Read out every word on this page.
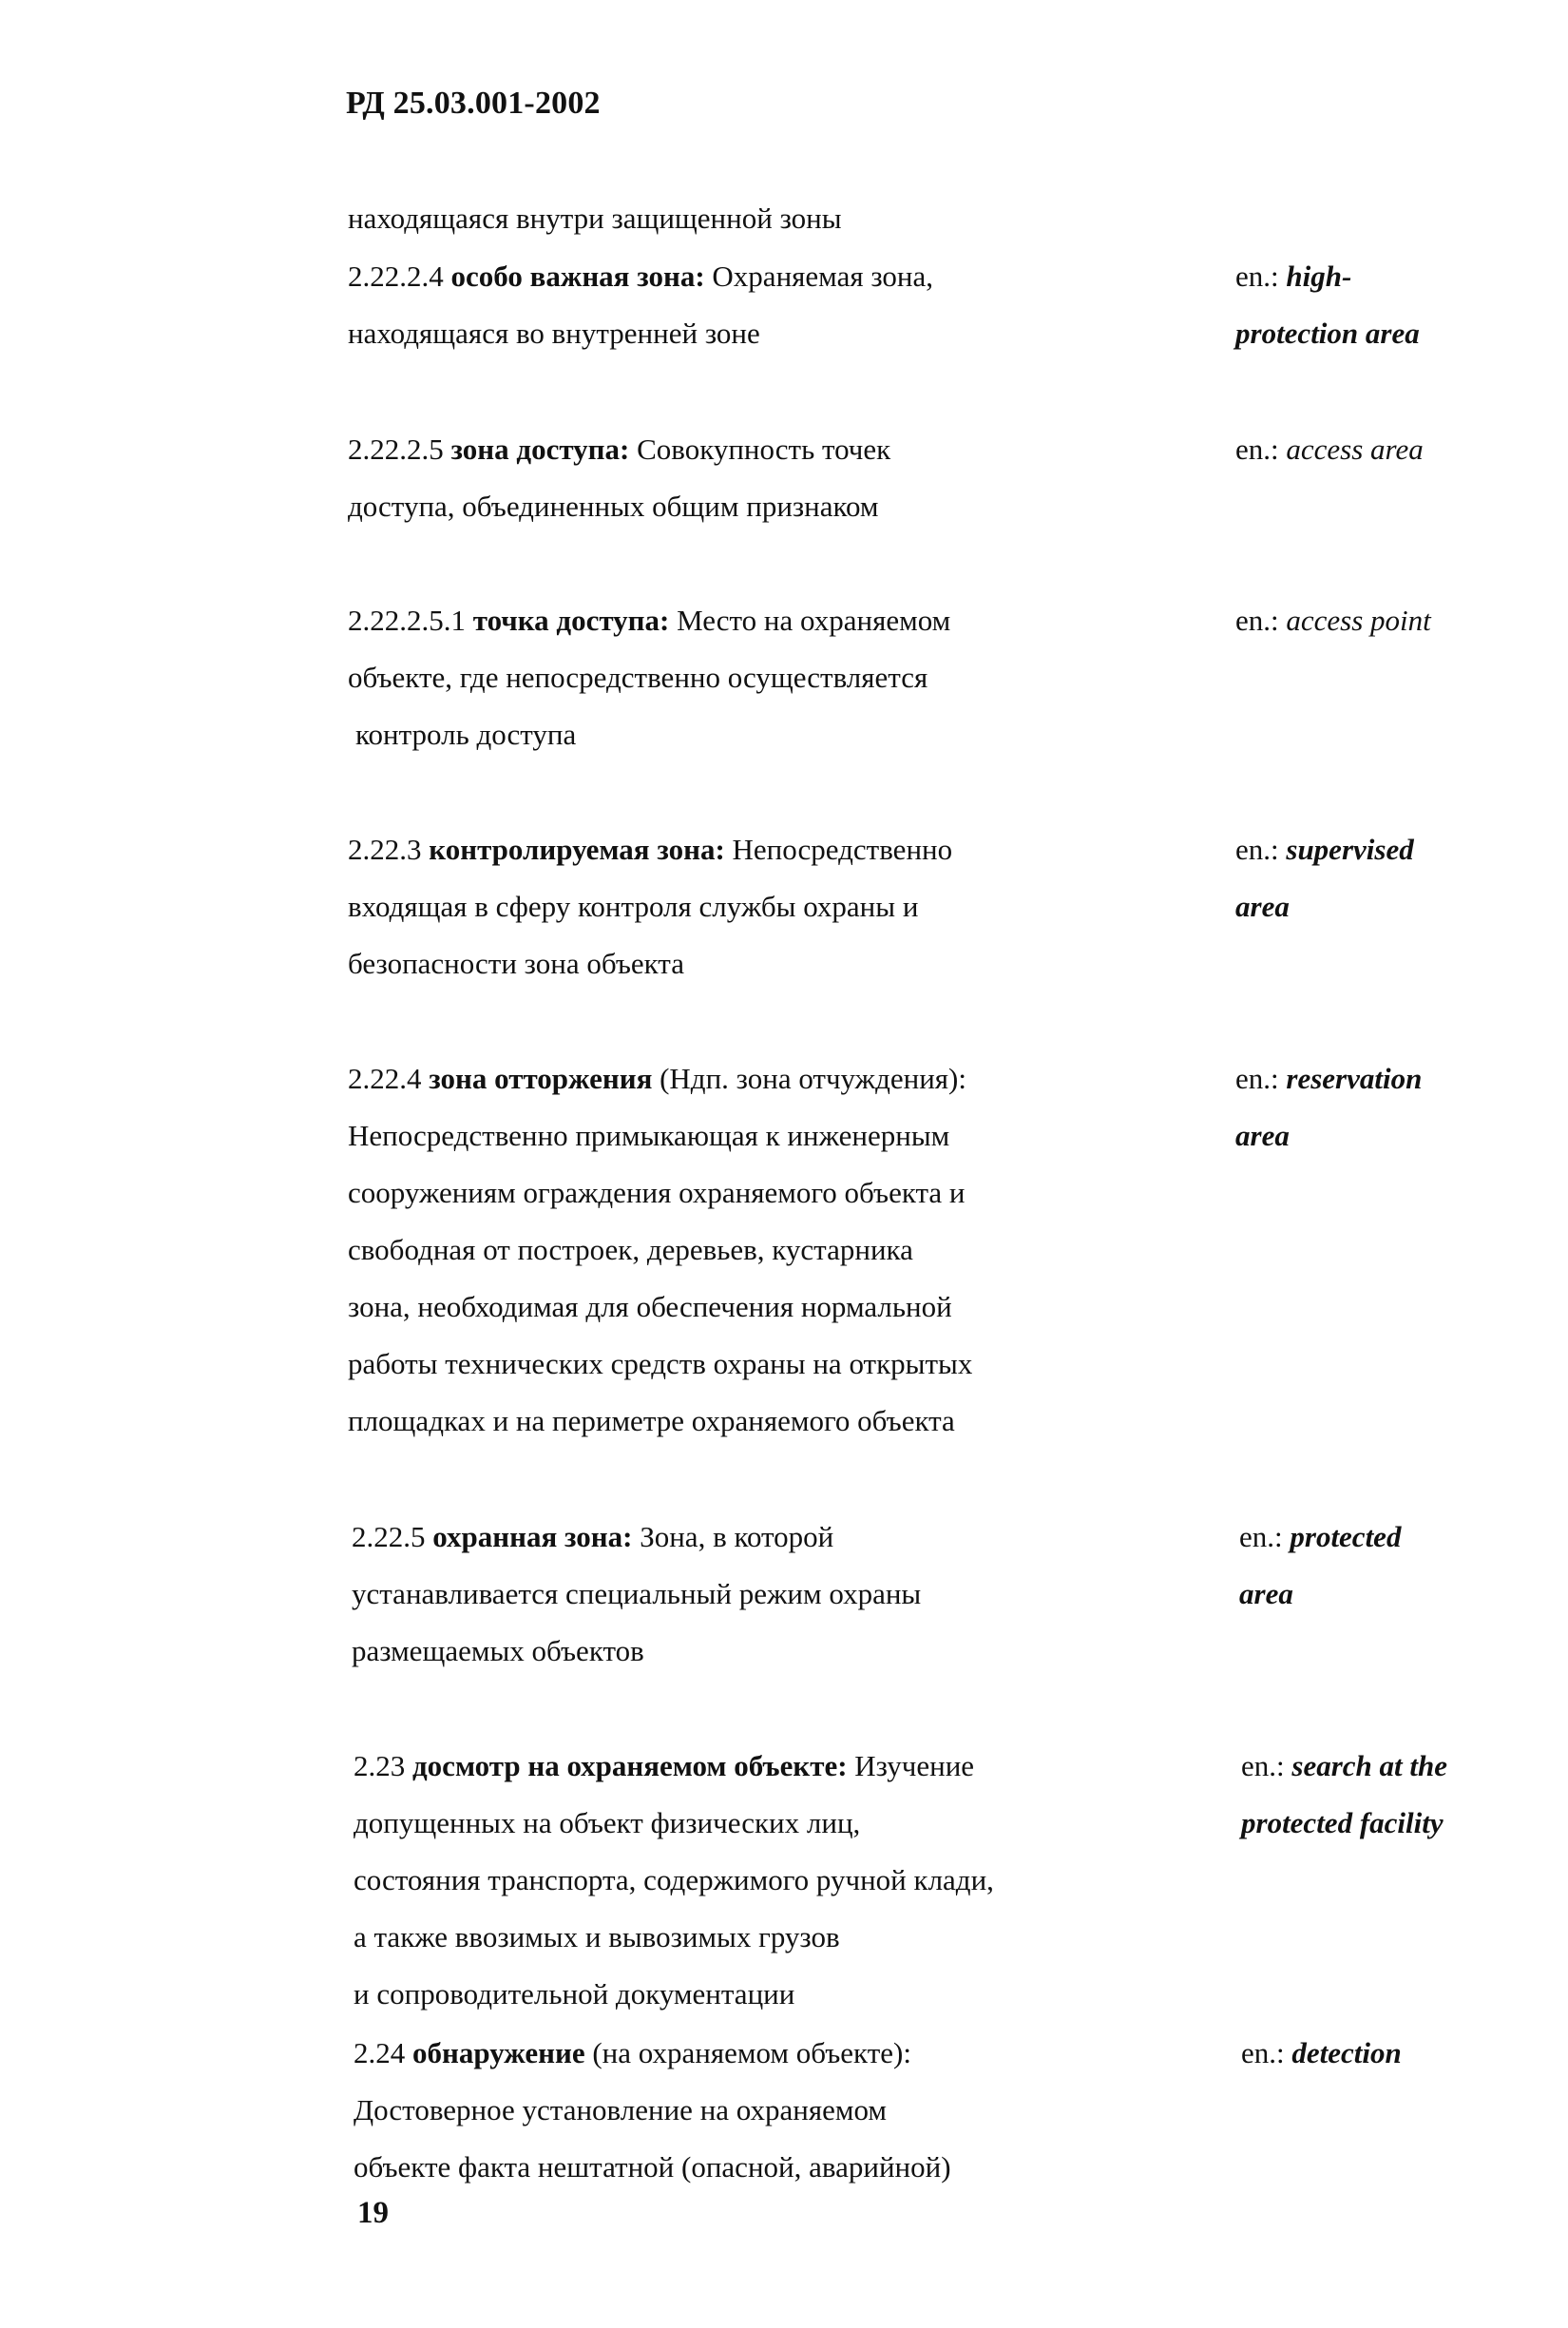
РД 25.03.001-2002
находящаяся внутри защищенной зоны
2.22.2.4 особо важная зона: Охраняемая зона,
находящаяся во внутренней зоне
en.: high-
protection area
2.22.2.5 зона доступа: Совокупность точек
доступа, объединенных общим признаком
en.: access area
2.22.2.5.1 точка доступа: Место на охраняемом
объекте, где непосредственно осуществляется
контроль доступа
en.: access point
2.22.3 контролируемая зона: Непосредственно
входящая в сферу контроля службы охраны и
безопасности зона объекта
en.: supervised
area
2.22.4 зона отторжения (Ндп. зона отчуждения):
Непосредственно примыкающая к инженерным
сооружениям ограждения охраняемого объекта и
свободная от построек, деревьев, кустарника
зона, необходимая для обеспечения нормальной
работы технических средств охраны на открытых
площадках и на периметре охраняемого объекта
en.: reservation
area
2.22.5 охранная зона: Зона, в которой
устанавливается специальный режим охраны
размещаемых объектов
en.: protected
area
2.23 досмотр на охраняемом объекте: Изучение
допущенных на объект физических лиц,
состояния транспорта, содержимого ручной клади,
а также ввозимых и вывозимых грузов
и сопроводительной документации
en.: search at the
protected facility
2.24 обнаружение (на охраняемом объекте):
Достоверное установление на охраняемом
объекте факта нештатной (опасной, аварийной)
en.: detection
19
